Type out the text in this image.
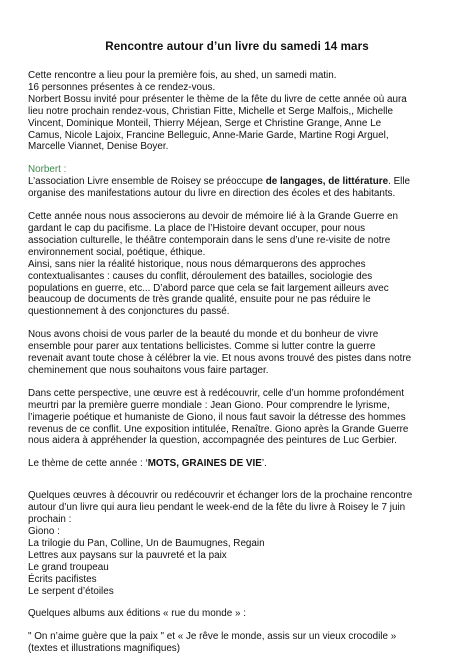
Rencontre autour d’un livre du samedi 14 mars
Cette rencontre a lieu pour la première fois, au shed, un samedi matin.
16 personnes présentes à ce rendez-vous.
Norbert Bossu invité pour présenter le thème de la fête du livre de cette année où aura
lieu notre prochain rendez-vous, Christian Fitte, Michelle et Serge Malfois,, Michelle
Vincent, Dominique Monteil, Thierry Méjean, Serge et Christine Grange, Anne Le
Camus, Nicole Lajoix, Francine Belleguic, Anne-Marie Garde, Martine Rogi Arguel,
Marcelle Viannet, Denise Boyer.
Norbert :
L’association Livre ensemble de Roisey se préoccupe de langages, de littérature. Elle
organise des manifestations autour du livre en direction des écoles et des habitants.
Cette année nous nous associerons au devoir de mémoire lié à la Grande Guerre en
gardant le cap du pacifisme. La place de l’Histoire devant occuper, pour nous
association culturelle, le théâtre contemporain dans le sens d’une re-visite de notre
environnement social, poétique, éthique.
Ainsi, sans nier la réalité historique, nous nous démarquerons des approches
contextualisantes : causes du conflit, déroulement des batailles, sociologie des
populations en guerre, etc... D’abord parce que cela se fait largement ailleurs avec
beaucoup de documents de très grande qualité, ensuite pour ne pas réduire le
questionnement à des conjonctures du passé.
Nous avons choisi de vous parler de la beauté du monde et du bonheur de vivre
ensemble pour parer aux tentations bellicistes. Comme si lutter contre la guerre
revenait avant toute chose à célébrer la vie. Et nous avons trouvé des pistes dans notre
cheminement que nous souhaitons vous faire partager.
Dans cette perspective, une œuvre est à redécouvrir, celle d’un homme profondément
meurtri par la première guerre mondiale : Jean Giono. Pour comprendre le lyrisme,
l’imagerie poétique et humaniste de Giono, il nous faut savoir la détresse des hommes
revenus de ce conflit. Une exposition intitulée, Renaître. Giono après la Grande Guerre
nous aidera à appréhender la question, accompagnée des peintures de Luc Gerbier.
Le thème de cette année : ‘MOTS, GRAINES DE VIE’.
Quelques œuvres à découvrir ou redécouvrir et échanger lors de la prochaine rencontre
autour d’un livre qui aura lieu pendant le week-end de la fête du livre à Roisey le 7 juin
prochain :
Giono :
La trilogie du Pan, Colline, Un de Baumugnes, Regain
Lettres aux paysans sur la pauvreté et la paix
Le grand troupeau
Écrits pacifistes
Le serpent d’étoiles
Quelques albums aux éditions « rue du monde » :
" On n’aime guère que la paix " et « Je rêve le monde, assis sur un vieux crocodile »
(textes et illustrations magnifiques)
